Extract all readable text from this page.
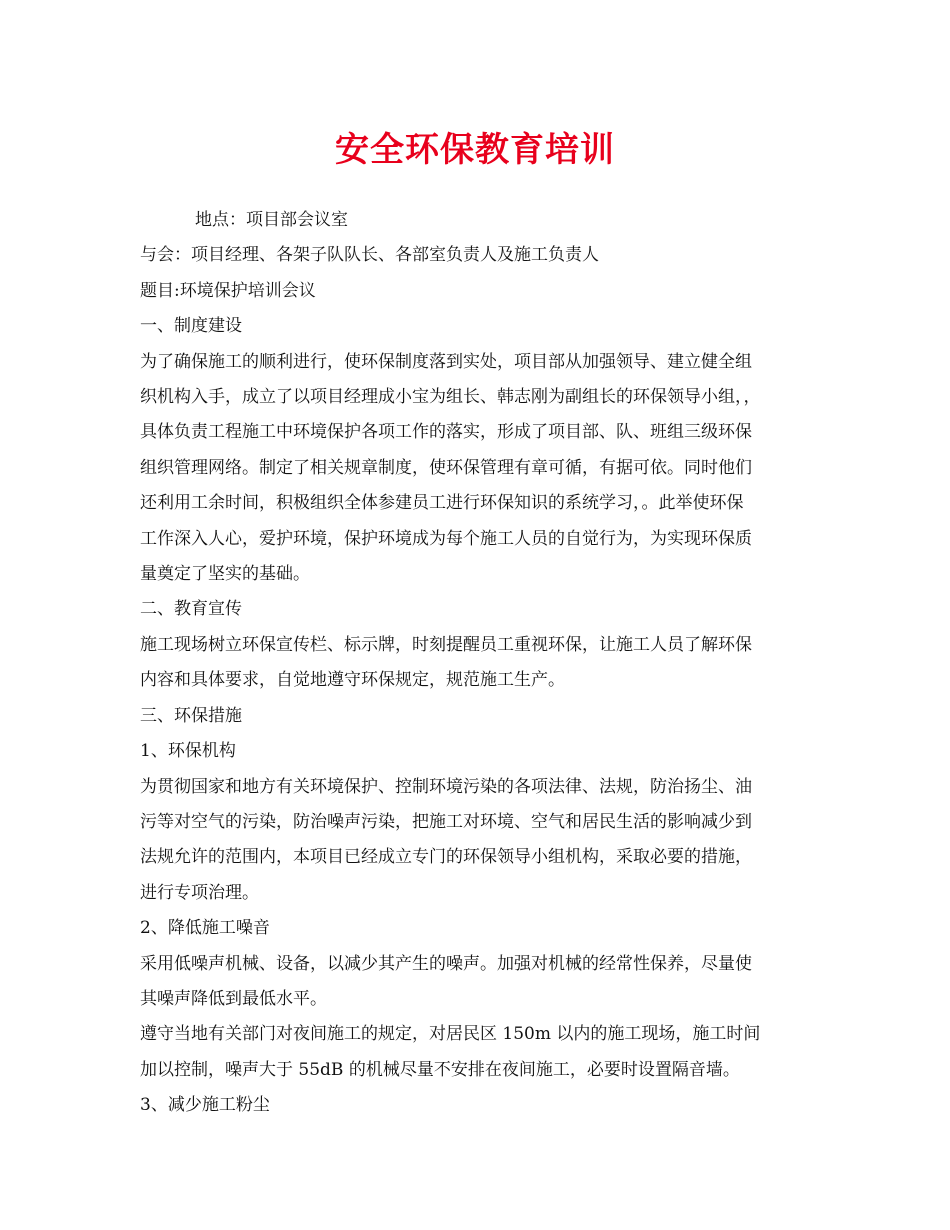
安全环保教育培训

地点：项目部会议室

与会：项目经理、各架子队队长、各部室负责人及施工负责人

题目:环境保护培训会议

一、制度建设

为了确保施工的顺利进行，使环保制度落到实处，项目部从加强领导、建立健全组

织机构入手，成立了以项目经理成小宝为组长、韩志刚为副组长的环保领导小组，，

具体负责工程施工中环境保护各项工作的落实，形成了项目部、队、班组三级环保

组织管理网络。制定了相关规章制度，使环保管理有章可循，有据可依。同时他们

还利用工余时间，积极组织全体参建员工进行环保知识的系统学习，。此举使环保

工作深入人心，爱护环境，保护环境成为每个施工人员的自觉行为，为实现环保质

量奠定了坚实的基础。

二、教育宣传

施工现场树立环保宣传栏、标示牌，时刻提醒员工重视环保，让施工人员了解环保

内容和具体要求，自觉地遵守环保规定，规范施工生产。

三、环保措施

1、环保机构

为贯彻国家和地方有关环境保护、控制环境污染的各项法律、法规，防治扬尘、油

污等对空气的污染，防治噪声污染，把施工对环境、空气和居民生活的影响减少到

法规允许的范围内，本项目已经成立专门的环保领导小组机构，采取必要的措施，

进行专项治理。

2、降低施工噪音

采用低噪声机械、设备，以减少其产生的噪声。加强对机械的经常性保养，尽量使

其噪声降低到最低水平。

遵守当地有关部门对夜间施工的规定，对居民区 150m 以内的施工现场，施工时间

加以控制，噪声大于 55dB 的机械尽量不安排在夜间施工，必要时设置隔音墙。

3、减少施工粉尘
